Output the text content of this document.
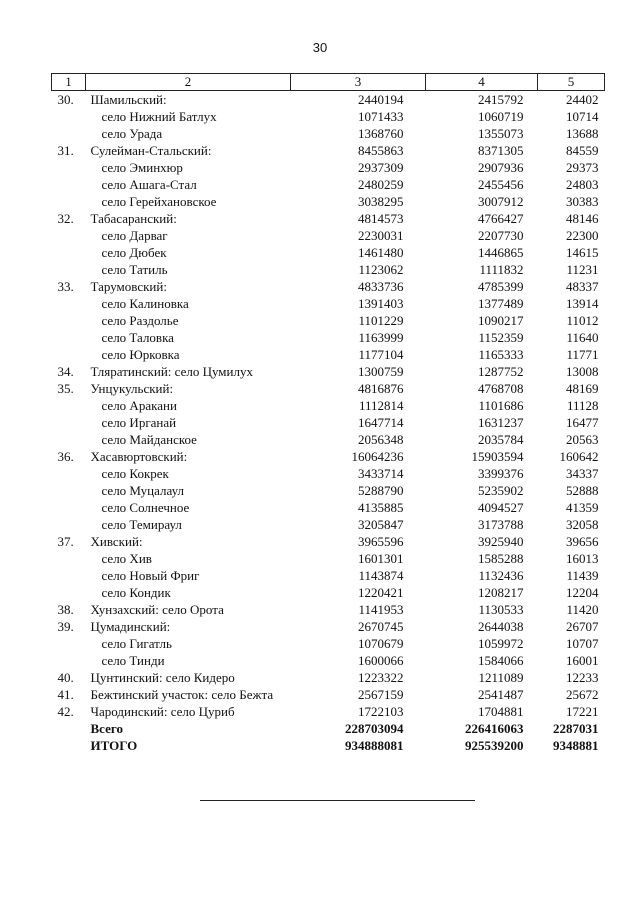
30
1	2	3	4	5
30.	Шамильский:	2440194	2415792	24402
	село Нижний Батлух	1071433	1060719	10714
	село Урада	1368760	1355073	13688
31.	Сулейман-Стальский:	8455863	8371305	84559
	село Эминхюр	2937309	2907936	29373
	село Ашага-Стал	2480259	2455456	24803
	село Герейхановское	3038295	3007912	30383
32.	Табасаранский:	4814573	4766427	48146
	село Дарваг	2230031	2207730	22300
	село Дюбек	1461480	1446865	14615
	село Татиль	1123062	1111832	11231
33.	Тарумовский:	4833736	4785399	48337
	село Калиновка	1391403	1377489	13914
	село Раздолье	1101229	1090217	11012
	село Таловка	1163999	1152359	11640
	село Юрковка	1177104	1165333	11771
34.	Тляратинский: село Цумилух	1300759	1287752	13008
35.	Унцукульский:	4816876	4768708	48169
	село Аракани	1112814	1101686	11128
	село Ирганай	1647714	1631237	16477
	село Майданское	2056348	2035784	20563
36.	Хасавюртовский:	16064236	15903594	160642
	село Кокрек	3433714	3399376	34337
	село Муцалаул	5288790	5235902	52888
	село Солнечное	4135885	4094527	41359
	село Темираул	3205847	3173788	32058
37.	Хивский:	3965596	3925940	39656
	село Хив	1601301	1585288	16013
	село Новый Фриг	1143874	1132436	11439
	село Кондик	1220421	1208217	12204
38.	Хунзахский: село Орота	1141953	1130533	11420
39.	Цумадинский:	2670745	2644038	26707
	село Гигатль	1070679	1059972	10707
	село Тинди	1600066	1584066	16001
40.	Цунтинский: село Кидеро	1223322	1211089	12233
41.	Бежтинский участок: село Бежта	2567159	2541487	25672
42.	Чародинский: село Цуриб	1722103	1704881	17221
	Всего	228703094	226416063	2287031
	ИТОГО	934888081	925539200	9348881
